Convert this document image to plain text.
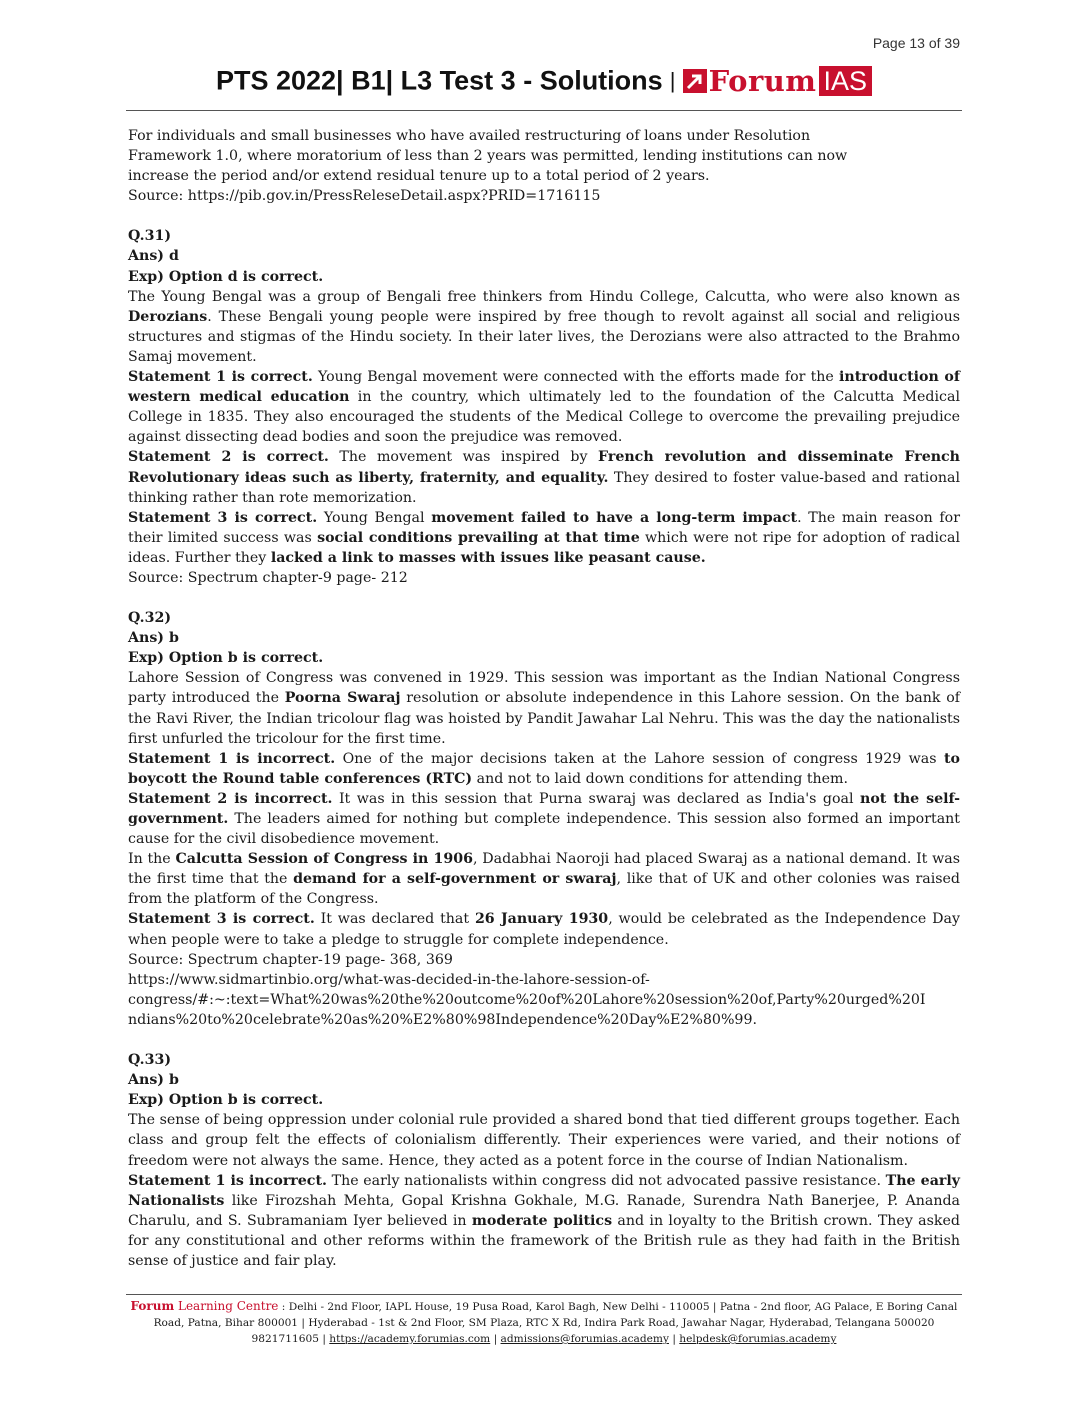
Page 13 of 39
PTS 2022| B1| L3 Test 3 - Solutions | Forum IAS

For individuals and small businesses who have availed restructuring of loans under Resolution

Framework 1.0, where moratorium of less than 2 years was permitted, lending institutions can now

increase the period and/or extend residual tenure up to a total period of 2 years.

Source: https://pib.gov.in/PressReleseDetail.aspx?PRID=1716115

Q.31)

Ans) d

Exp) Option d is correct.

The Young Bengal was a group of Bengali free thinkers from Hindu College, Calcutta, who were also known as Derozians. These Bengali young people were inspired by free though to revolt against all social and religious structures and stigmas of the Hindu society. In their later lives, the Derozians were also attracted to the Brahmo Samaj movement.

Statement 1 is correct. Young Bengal movement were connected with the efforts made for the introduction of western medical education in the country, which ultimately led to the foundation of the Calcutta Medical College in 1835. They also encouraged the students of the Medical College to overcome the prevailing prejudice against dissecting dead bodies and soon the prejudice was removed.

Statement 2 is correct. The movement was inspired by French revolution and disseminate French Revolutionary ideas such as liberty, fraternity, and equality. They desired to foster value-based and rational thinking rather than rote memorization.

Statement 3 is correct. Young Bengal movement failed to have a long-term impact. The main reason for their limited success was social conditions prevailing at that time which were not ripe for adoption of radical ideas. Further they lacked a link to masses with issues like peasant cause.

Source: Spectrum chapter-9 page- 212

Q.32)

Ans) b

Exp) Option b is correct.

Lahore Session of Congress was convened in 1929. This session was important as the Indian National Congress party introduced the Poorna Swaraj resolution or absolute independence in this Lahore session. On the bank of the Ravi River, the Indian tricolour flag was hoisted by Pandit Jawahar Lal Nehru. This was the day the nationalists first unfurled the tricolour for the first time.

Statement 1 is incorrect. One of the major decisions taken at the Lahore session of congress 1929 was to boycott the Round table conferences (RTC) and not to laid down conditions for attending them.

Statement 2 is incorrect. It was in this session that Purna swaraj was declared as India's goal not the self-government. The leaders aimed for nothing but complete independence. This session also formed an important cause for the civil disobedience movement.

In the Calcutta Session of Congress in 1906, Dadabhai Naoroji had placed Swaraj as a national demand. It was the first time that the demand for a self-government or swaraj, like that of UK and other colonies was raised from the platform of the Congress.

Statement 3 is correct. It was declared that 26 January 1930, would be celebrated as the Independence Day when people were to take a pledge to struggle for complete independence.

Source: Spectrum chapter-19 page- 368, 369

https://www.sidmartinbio.org/what-was-decided-in-the-lahore-session-of-

congress/#:~:text=What%20was%20the%20outcome%20of%20Lahore%20session%20of,Party%20urged%20I

ndians%20to%20celebrate%20as%20%E2%80%98Independence%20Day%E2%80%99.

Q.33)

Ans) b

Exp) Option b is correct.

The sense of being oppression under colonial rule provided a shared bond that tied different groups together. Each class and group felt the effects of colonialism differently. Their experiences were varied, and their notions of freedom were not always the same. Hence, they acted as a potent force in the course of Indian Nationalism.

Statement 1 is incorrect. The early nationalists within congress did not advocated passive resistance. The early Nationalists like Firozshah Mehta, Gopal Krishna Gokhale, M.G. Ranade, Surendra Nath Banerjee, P. Ananda Charulu, and S. Subramaniam Iyer believed in moderate politics and in loyalty to the British crown. They asked for any constitutional and other reforms within the framework of the British rule as they had faith in the British sense of justice and fair play.

Forum Learning Centre : Delhi - 2nd Floor, IAPL House, 19 Pusa Road, Karol Bagh, New Delhi - 110005 | Patna - 2nd floor, AG Palace, E Boring Canal
Road, Patna, Bihar 800001 | Hyderabad - 1st & 2nd Floor, SM Plaza, RTC X Rd, Indira Park Road, Jawahar Nagar, Hyderabad, Telangana 500020
9821711605 | https://academy.forumias.com | admissions@forumias.academy | helpdesk@forumias.academy
